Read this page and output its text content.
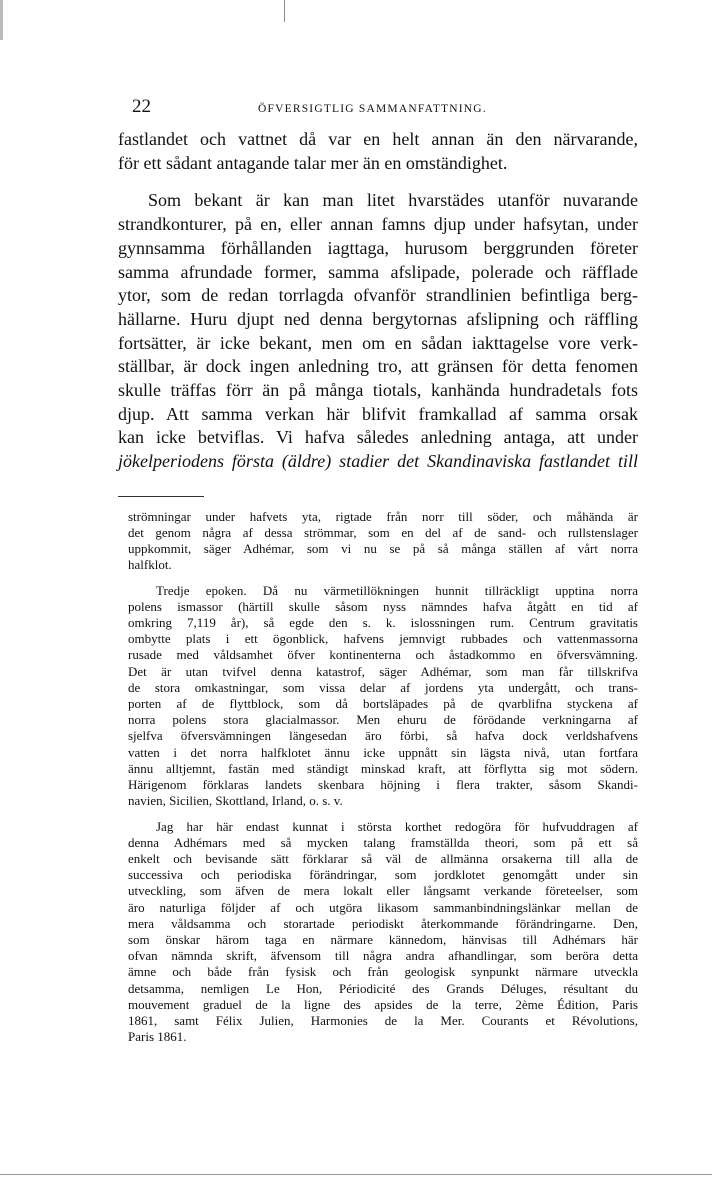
22	ÖFVERSIGTLIG SAMMANFATTNING.
fastlandet och vattnet då var en helt annan än den närvarande,
för ett sådant antagande talar mer än en omständighet.
Som bekant är kan man litet hvarstädes utanför nuvarande
strandkonturer, på en, eller annan famns djup under hafsytan, under
gynnsamma förhållanden iagttaga, hurusom berggrunden företer
samma afrundade former, samma afslipade, polerade och räfflade
ytor, som de redan torrlagda ofvanför strandlinien befintliga berg-
hällarne. Huru djupt ned denna bergytornas afslipning och räffling
fortsätter, är icke bekant, men om en sådan iakttagelse vore verk-
ställbar, är dock ingen anledning tro, att gränsen för detta fenomen
skulle träffas förr än på många tiotals, kanhända hundradetals fots
djup. Att samma verkan här blifvit framkallad af samma orsak
kan icke betviflas. Vi hafva således anledning antaga, att under
jökelperiodens första (äldre) stadier det Skandinaviska fastlandet till
strömningar under hafvets yta, rigtade från norr till söder, och måhända är
det genom några af dessa strömmar, som en del af de sand- och rullstenslager
uppkommit, säger Adhémar, som vi nu se på så många ställen af vårt norra
halfklot.
Tredje epoken. Då nu värmetillökningen hunnit tillräckligt upptina norra
polens ismassor (härtill skulle såsom nyss nämndes hafva åtgått en tid af
omkring 7,119 år), så egde den s. k. islossningen rum. Centrum gravitatis
ombytte plats i ett ögonblick, hafvens jemnvigt rubbades och vattenmassorna
rusade med våldsamhet öfver kontinenterna och åstadkommo en öfversvämning.
Det är utan tvifvel denna katastrof, säger Adhémar, som man får tillskrifva
de stora omkastningar, som vissa delar af jordens yta undergått, och trans-
porten af de flyttblock, som då bortsläpades på de qvarblifna styckena af
norra polens stora glacialmassor. Men ehuru de förödande verkningarna af
sjelfva öfversvämningen längesedan äro förbi, så hafva dock verldshafvens
vatten i det norra halfklotet ännu icke uppnått sin lägsta nivå, utan fortfara
ännu alltjemnt, fastän med ständigt minskad kraft, att förflytta sig mot södern.
Härigenom förklaras landets skenbara höjning i flera trakter, såsom Skandi-
navien, Sicilien, Skottland, Irland, o. s. v.
Jag har här endast kunnat i största korthet redogöra för hufvuddragen af
denna Adhémars med så mycken talang framställda theori, som på ett så
enkelt och bevisande sätt förklarar så väl de allmänna orsakerna till alla de
successiva och periodiska förändringar, som jordklotet genomgått under sin
utveckling, som äfven de mera lokalt eller långsamt verkande företeelser, som
äro naturliga följder af och utgöra likasom sammanbindningslänkar mellan de
mera våldsamma och storartade periodiskt återkommande förändringarne. Den,
som önskar härom taga en närmare kännedom, hänvisas till Adhémars här
ofvan nämnda skrift, äfvensom till några andra afhandlingar, som beröra detta
ämne och både från fysisk och från geologisk synpunkt närmare utveckla
detsamma, nemligen Le Hon, Périodicité des Grands Déluges, résultant du
mouvement graduel de la ligne des apsides de la terre, 2ème Édition, Paris
1861, samt Félix Julien, Harmonies de la Mer. Courants et Révolutions,
Paris 1861.
